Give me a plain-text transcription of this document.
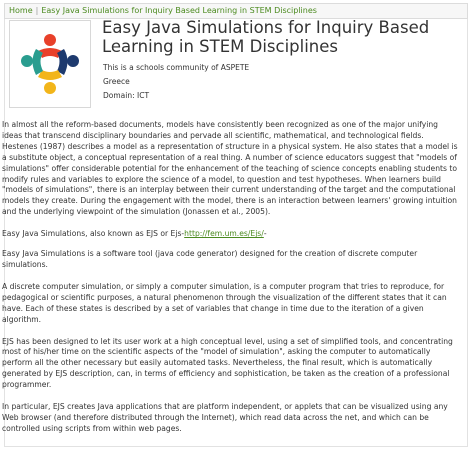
Home | Easy Java Simulations for Inquiry Based Learning in STEM Disciplines
Easy Java Simulations for Inquiry Based Learning in STEM Disciplines
This is a schools community of ASPETE
Greece
Domain: ICT

In almost all the reform-based documents, models have consistently been recognized as one of the major unifying ideas that transcend disciplinary boundaries and pervade all scientific, mathematical, and technological fields. Hestenes (1987) describes a model as a representation of structure in a physical system. He also states that a model is a substitute object, a conceptual representation of a real thing. A number of science educators suggest that "models of simulations" offer considerable potential for the enhancement of the teaching of science concepts enabling students to modify rules and variables to explore the science of a model, to question and test hypotheses. When learners build "models of simulations", there is an interplay between their current understanding of the target and the computational models they create. During the engagement with the model, there is an interaction between learners' growing intuition and the underlying viewpoint of the simulation (Jonassen et al., 2005).

Easy Java Simulations, also known as EJS or Ejs-http://fem.um.es/Ejs/-

Easy Java Simulations is a software tool (java code generator) designed for the creation of discrete computer simulations.

A discrete computer simulation, or simply a computer simulation, is a computer program that tries to reproduce, for pedagogical or scientific purposes, a natural phenomenon through the visualization of the different states that it can have. Each of these states is described by a set of variables that change in time due to the iteration of a given algorithm.

EJS has been designed to let its user work at a high conceptual level, using a set of simplified tools, and concentrating most of his/her time on the scientific aspects of the "model of simulation", asking the computer to automatically perform all the other necessary but easily automated tasks. Nevertheless, the final result, which is automatically generated by EJS description, can, in terms of efficiency and sophistication, be taken as the creation of a professional programmer.

In particular, EJS creates Java applications that are platform independent, or applets that can be visualized using any Web browser (and therefore distributed through the Internet), which read data across the net, and which can be controlled using scripts from within web pages.
